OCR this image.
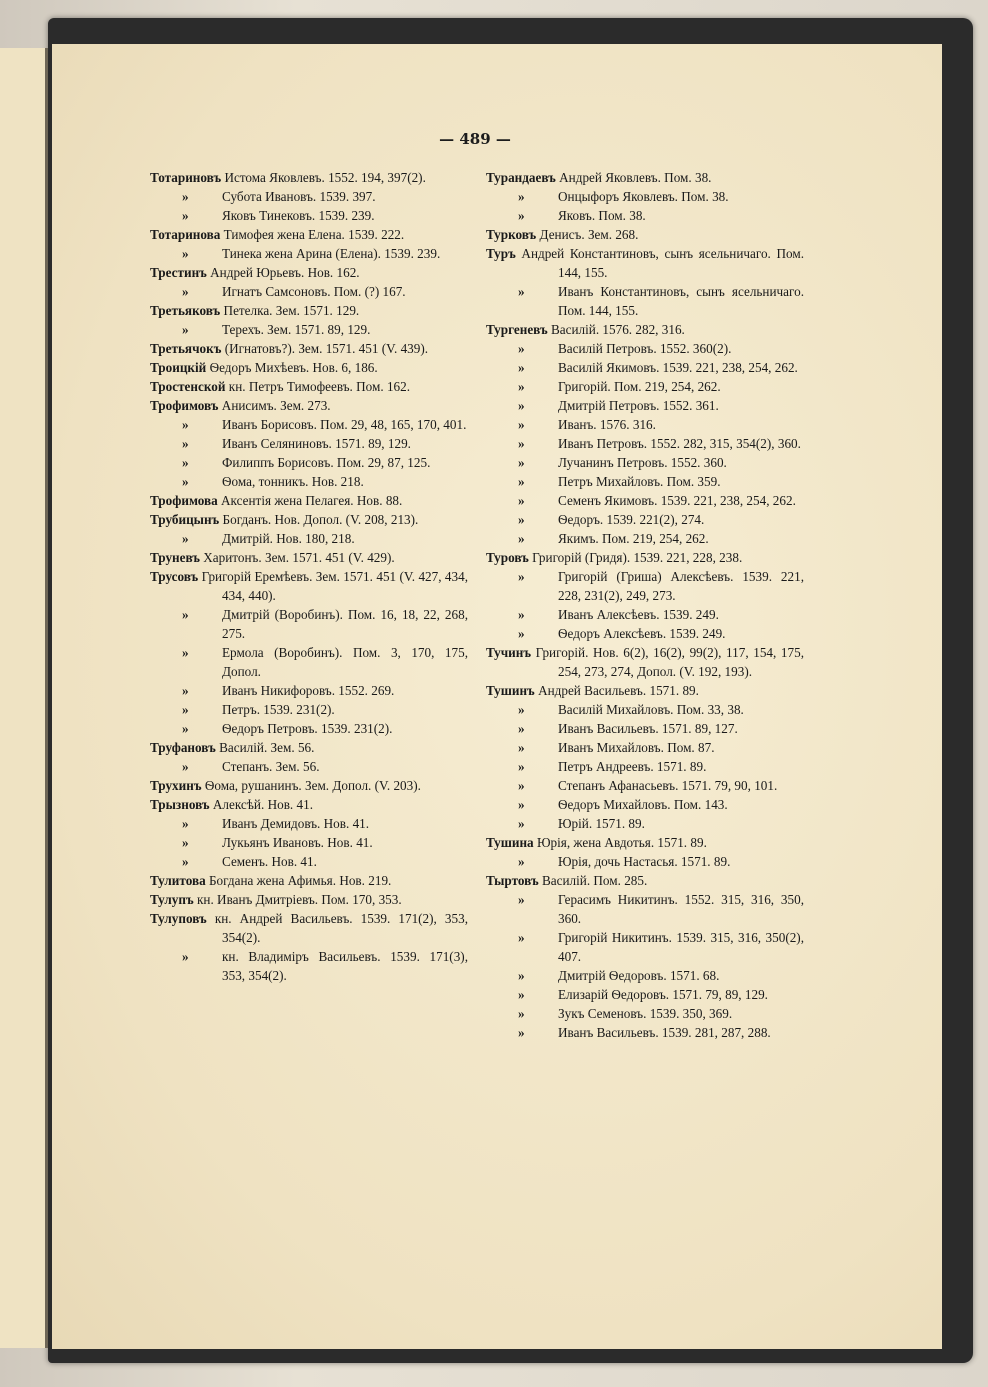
— 489 —
Тотариновъ Истома Яковлевъ. 1552. 194, 397(2).
»	Субота Ивановъ. 1539. 397.
»	Яковъ Тинековъ. 1539. 239.
Тотаринова Тимофея жена Елена. 1539. 222.
»	Тинека жена Арина (Елена). 1539. 239.
Трестинъ Андрей Юрьевъ. Нов. 162.
»	Игнатъ Самсоновъ. Пом. (?) 167.
Третьяковъ Петелка. Зем. 1571. 129.
»	Терехъ. Зем. 1571. 89, 129.
Третьячокъ (Игнатовъ?). Зем. 1571. 451 (V. 439).
Троицкій Ѳедоръ Михѣевъ. Нов. 6, 186.
Тростенской кн. Петръ Тимофеевъ. Пом. 162.
Трофимовъ Анисимъ. Зем. 273.
»	Иванъ Борисовъ. Пом. 29, 48, 165, 170, 401.
»	Иванъ Селяниновъ. 1571. 89, 129.
»	Филиппъ Борисовъ. Пом. 29, 87, 125.
»	Ѳома, тонникъ. Нов. 218.
Трофимова Аксентія жена Пелагея. Нов. 88.
Трубицынъ Богданъ. Нов. Допол. (V. 208, 213).
»	Дмитрій. Нов. 180, 218.
Труневъ Харитонъ. Зем. 1571. 451 (V. 429).
Трусовъ Григорій Еремѣевъ. Зем. 1571. 451 (V. 427, 434, 434, 440).
»	Дмитрій (Воробинъ). Пом. 16, 18, 22, 268, 275.
»	Ермола (Воробинъ). Пом. 3, 170, 175, Допол.
»	Иванъ Никифоровъ. 1552. 269.
»	Петръ. 1539. 231(2).
»	Ѳедоръ Петровъ. 1539. 231(2).
Труфановъ Василій. Зем. 56.
»	Степанъ. Зем. 56.
Трухинъ Ѳома, рушанинъ. Зем. Допол. (V. 203).
Трызновъ Алексѣй. Нов. 41.
»	Иванъ Демидовъ. Нов. 41.
»	Лукьянъ Ивановъ. Нов. 41.
»	Семенъ. Нов. 41.
Тулитова Богдана жена Афимья. Нов. 219.
Тулупъ кн. Иванъ Дмитріевъ. Пом. 170, 353.
Тулуповъ кн. Андрей Васильевъ. 1539. 171(2), 353, 354(2).
»	кн. Владиміръ Васильевъ. 1539. 171(3), 353, 354(2).
Турандаевъ Андрей Яковлевъ. Пом. 38.
»	Онцыфоръ Яковлевъ. Пом. 38.
»	Яковъ. Пом. 38.
Турковъ Денисъ. Зем. 268.
Туръ Андрей Константиновъ, сынъ ясельничаго. Пом. 144, 155.
»	Иванъ Константиновъ, сынъ ясельничаго. Пом. 144, 155.
Тургеневъ Василій. 1576. 282, 316.
»	Василій Петровъ. 1552. 360(2).
»	Василій Якимовъ. 1539. 221, 238, 254, 262.
»	Григорій. Пом. 219, 254, 262.
»	Дмитрій Петровъ. 1552. 361.
»	Иванъ. 1576. 316.
»	Иванъ Петровъ. 1552. 282, 315, 354(2), 360.
»	Лучанинъ Петровъ. 1552. 360.
»	Петръ Михайловъ. Пом. 359.
»	Семенъ Якимовъ. 1539. 221, 238, 254, 262.
»	Ѳедоръ. 1539. 221(2), 274.
»	Якимъ. Пом. 219, 254, 262.
Туровъ Григорій (Гридя). 1539. 221, 228, 238.
»	Григорій (Гриша) Алексѣевъ. 1539. 221, 228, 231(2), 249, 273.
»	Иванъ Алексѣевъ. 1539. 249.
»	Ѳедоръ Алексѣевъ. 1539. 249.
Тучинъ Григорій. Нов. 6(2), 16(2), 99(2), 117, 154, 175, 254, 273, 274, Допол. (V. 192, 193).
Тушинъ Андрей Васильевъ. 1571. 89.
»	Василій Михайловъ. Пом. 33, 38.
»	Иванъ Васильевъ. 1571. 89, 127.
»	Иванъ Михайловъ. Пом. 87.
»	Петръ Андреевъ. 1571. 89.
»	Степанъ Афанасьевъ. 1571. 79, 90, 101.
»	Ѳедоръ Михайловъ. Пом. 143.
»	Юрій. 1571. 89.
Тушина Юрія, жена Авдотья. 1571. 89.
»	Юрія, дочь Настасья. 1571. 89.
Тыртовъ Василій. Пом. 285.
»	Герасимъ Никитинъ. 1552. 315, 316, 350, 360.
»	Григорій Никитинъ. 1539. 315, 316, 350(2), 407.
»	Дмитрій Ѳедоровъ. 1571. 68.
»	Елизарій Ѳедоровъ. 1571. 79, 89, 129.
»	Зукъ Семеновъ. 1539. 350, 369.
»	Иванъ Васильевъ. 1539. 281, 287, 288.
